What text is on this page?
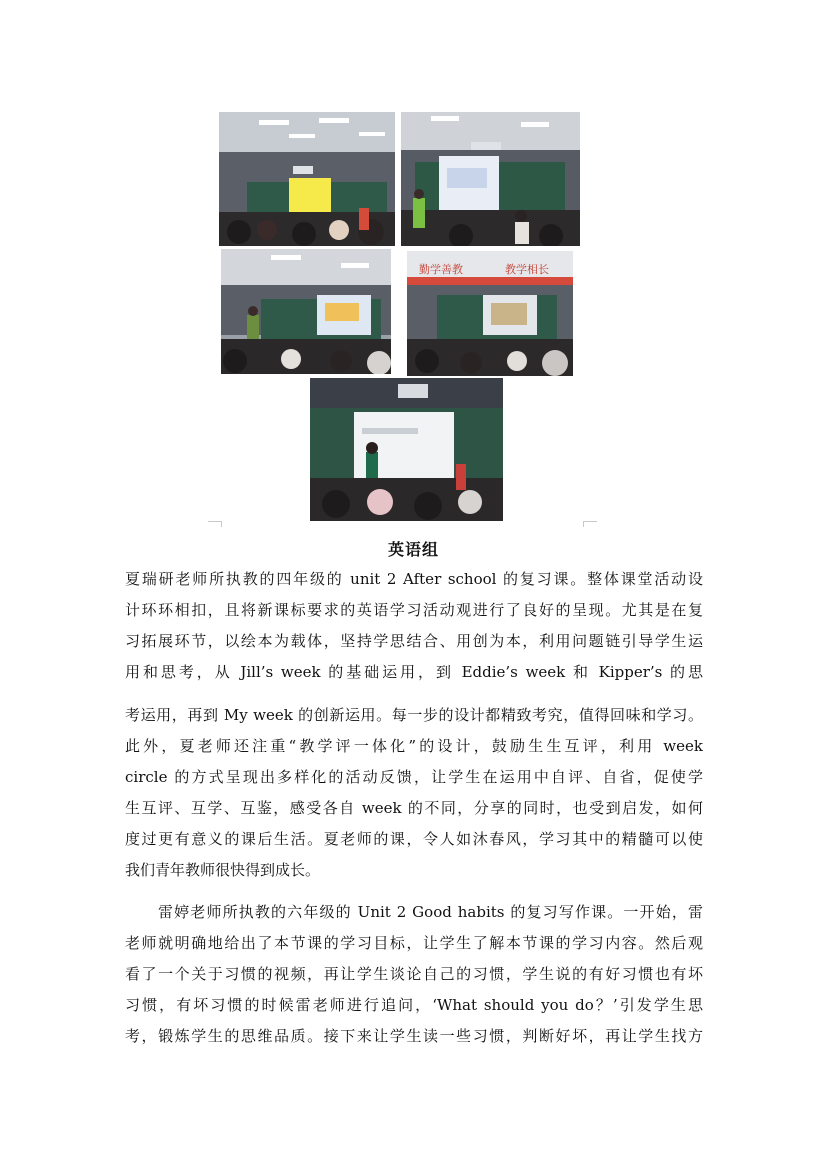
勤学善教	教学相长
英语组
夏瑞研老师所执教的四年级的 unit 2 After school 的复习课。整体课堂活动设
计环环相扣，且将新课标要求的英语学习活动观进行了良好的呈现。尤其是在复
习拓展环节，以绘本为载体，坚持学思结合、用创为本，利用问题链引导学生运
用和思考，从 Jill’s week 的基础运用，到 Eddie’s week 和 Kipper’s 的思
考运用，再到 My week 的创新运用。每一步的设计都精致考究，值得回味和学习。
此外，夏老师还注重“教学评一体化”的设计，鼓励生生互评，利用 week
circle 的方式呈现出多样化的活动反馈，让学生在运用中自评、自省，促使学
生互评、互学、互鉴，感受各自 week 的不同，分享的同时，也受到启发，如何
度过更有意义的课后生活。夏老师的课，令人如沐春风，学习其中的精髓可以使
我们青年教师很快得到成长。
雷婷老师所执教的六年级的 Unit 2 Good habits 的复习写作课。一开始，雷
老师就明确地给出了本节课的学习目标，让学生了解本节课的学习内容。然后观
看了一个关于习惯的视频，再让学生谈论自己的习惯，学生说的有好习惯也有坏
习惯，有坏习惯的时候雷老师进行追问，‘What should you do？’引发学生思
考，锻炼学生的思维品质。接下来让学生读一些习惯，判断好坏，再让学生找方
